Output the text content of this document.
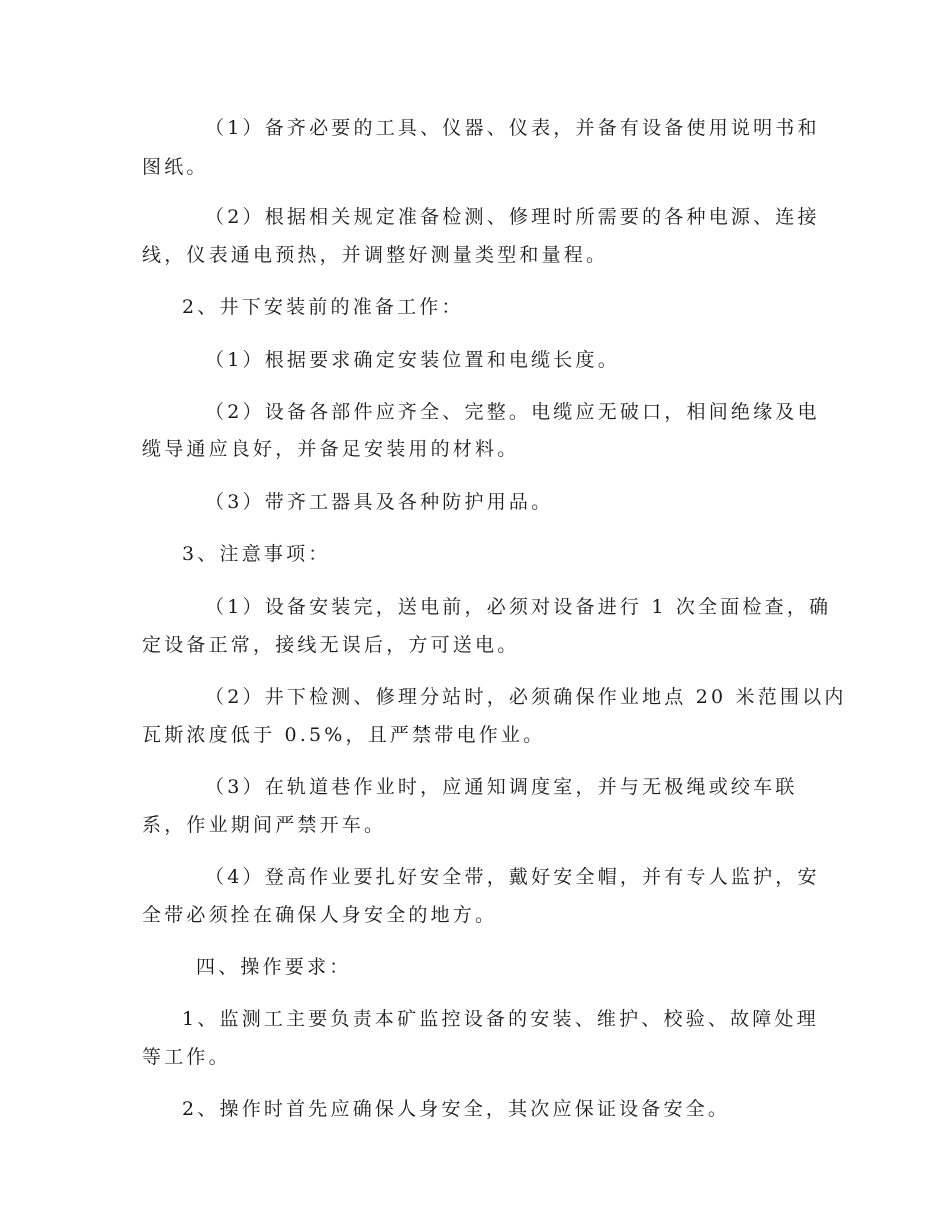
（1）备齐必要的工具、仪器、仪表，并备有设备使用说明书和
图纸。
（2）根据相关规定准备检测、修理时所需要的各种电源、连接
线，仪表通电预热，并调整好测量类型和量程。
2、井下安装前的准备工作：
（1）根据要求确定安装位置和电缆长度。
（2）设备各部件应齐全、完整。电缆应无破口，相间绝缘及电
缆导通应良好，并备足安装用的材料。
（3）带齐工器具及各种防护用品。
3、注意事项：
（1）设备安装完，送电前，必须对设备进行 1 次全面检查，确
定设备正常，接线无误后，方可送电。
（2）井下检测、修理分站时，必须确保作业地点 20 米范围以内
瓦斯浓度低于 0.5%，且严禁带电作业。
（3）在轨道巷作业时，应通知调度室，并与无极绳或绞车联
系，作业期间严禁开车。
（4）登高作业要扎好安全带，戴好安全帽，并有专人监护，安
全带必须拴在确保人身安全的地方。
四、操作要求：
1、监测工主要负责本矿监控设备的安装、维护、校验、故障处理
等工作。
2、操作时首先应确保人身安全，其次应保证设备安全。
